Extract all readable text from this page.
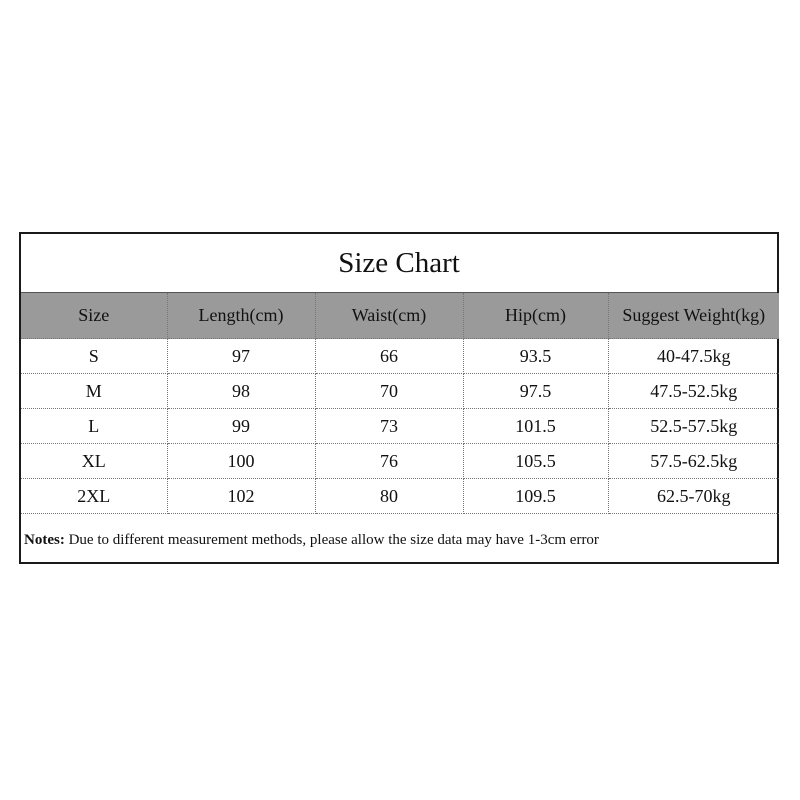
Size Chart
Size	Length(cm)	Waist(cm)	Hip(cm)	Suggest Weight(kg)
S	97	66	93.5	40-47.5kg
M	98	70	97.5	47.5-52.5kg
L	99	73	101.5	52.5-57.5kg
XL	100	76	105.5	57.5-62.5kg
2XL	102	80	109.5	62.5-70kg
Notes: Due to different measurement methods, please allow the size data may have 1-3cm error
